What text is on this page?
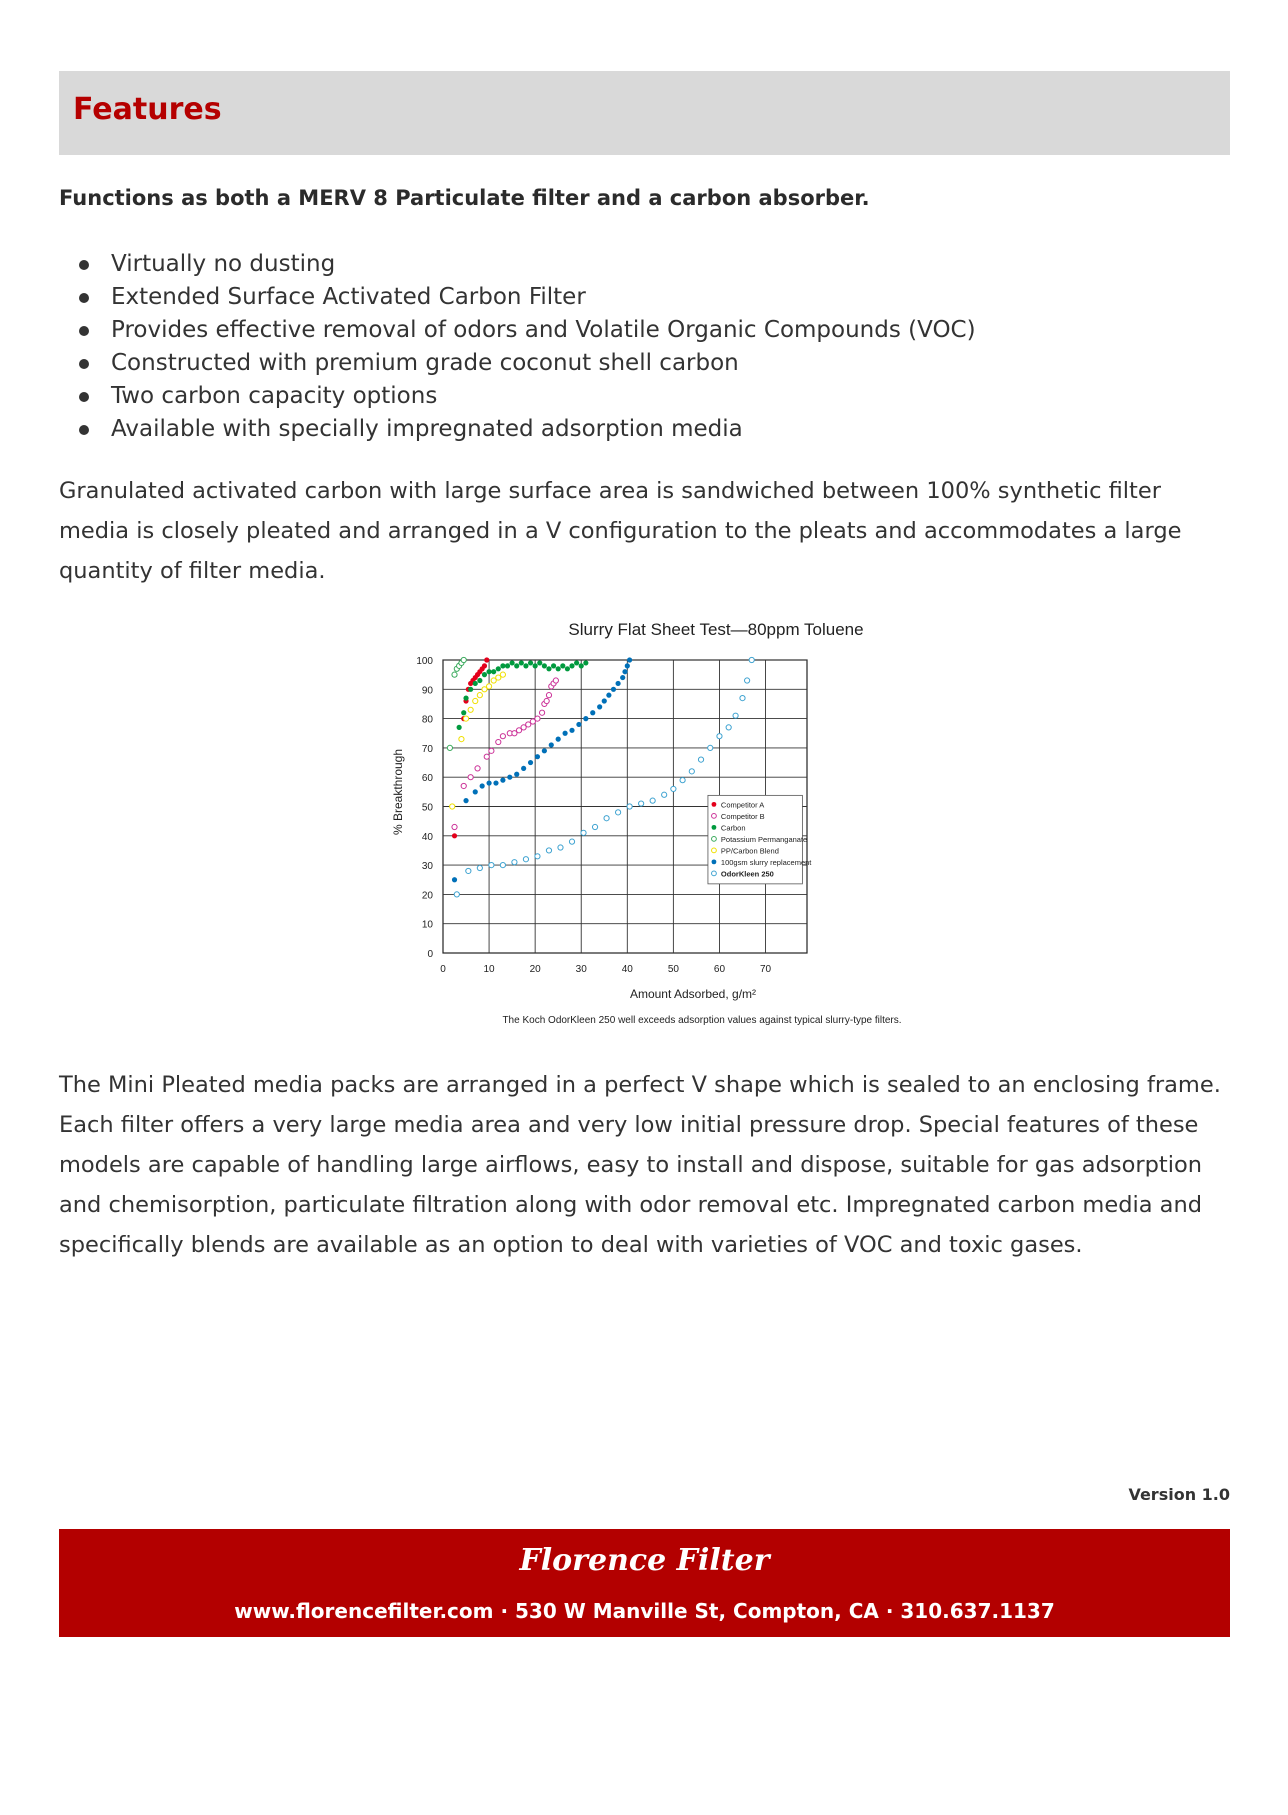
Features

Functions as both a MERV 8 Particulate filter and a carbon absorber.

Virtually no dusting
Extended Surface Activated Carbon Filter
Provides effective removal of odors and Volatile Organic Compounds (VOC)
Constructed with premium grade coconut shell carbon
Two carbon capacity options
Available with specially impregnated adsorption media

Granulated activated carbon with large surface area is sandwiched between 100% synthetic filter media is closely pleated and arranged in a V configuration to the pleats and accommodates a large quantity of filter media.

Slurry Flat Sheet Test—80ppm Toluene
0	10	20	30	40	50	60	70
0
10
20
30
40
50
60
70
80
90
100
Competitor A
Competitor B
Carbon
Potassium Permanganate
PP/Carbon Blend
100gsm slurry replacement
OdorKleen 250
% Breakthrough
Amount Adsorbed, g/m²
The Koch OdorKleen 250 well exceeds adsorption values against typical slurry-type filters.

The Mini Pleated media packs are arranged in a perfect V shape which is sealed to an enclosing frame. Each filter offers a very large media area and very low initial pressure drop. Special features of these models are capable of handling large airflows, easy to install and dispose, suitable for gas adsorption and chemisorption, particulate filtration along with odor removal etc. Impregnated carbon media and specifically blends are available as an option to deal with varieties of VOC and toxic gases.

Version 1.0

Florence Filter
www.florencefilter.com · 530 W Manville St, Compton, CA · 310.637.1137
